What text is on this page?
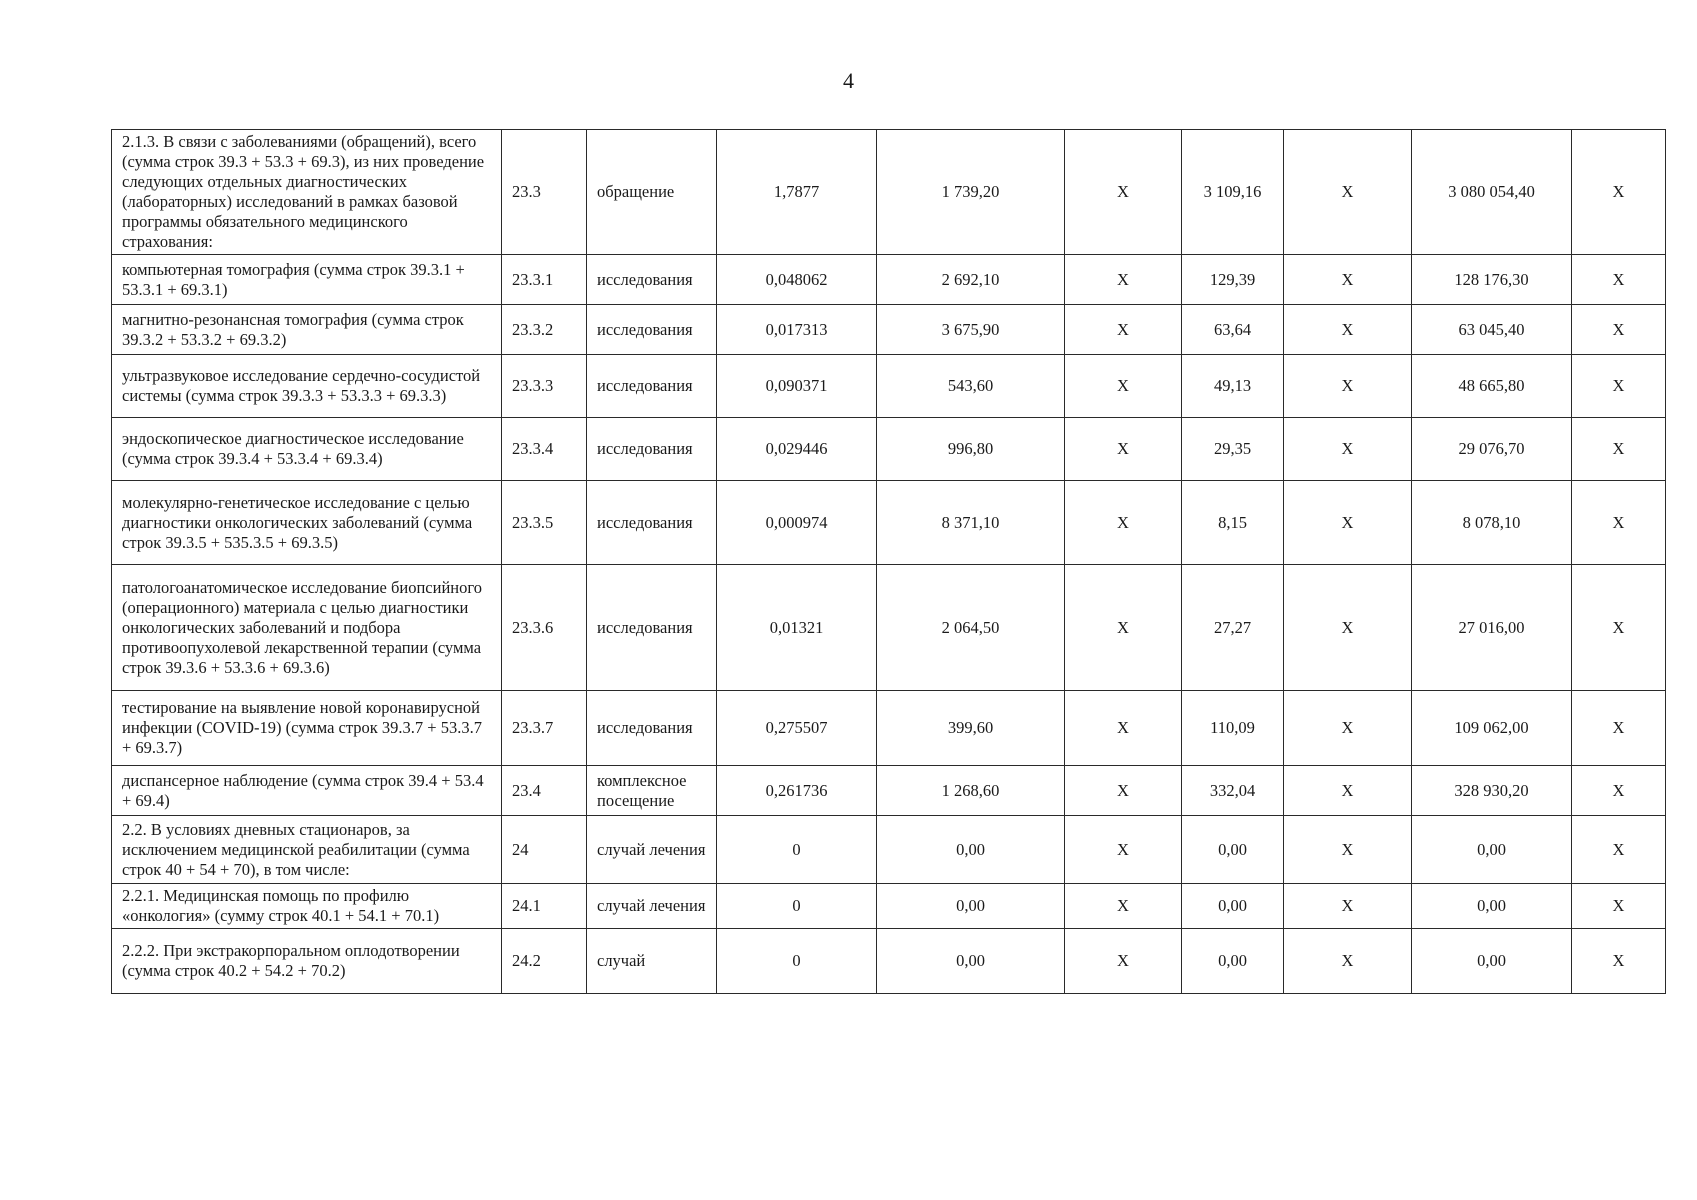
4
2.1.3. В связи с заболеваниями (обращений), всего (сумма строк 39.3 + 53.3 + 69.3), из них проведение следующих отдельных диагностических (лабораторных) исследований в рамках базовой программы обязательного медицинского страхования:	23.3	обращение	1,7877	1 739,20	X	3 109,16	X	3 080 054,40	X
компьютерная томография (сумма строк 39.3.1 + 53.3.1 + 69.3.1)	23.3.1	исследования	0,048062	2 692,10	X	129,39	X	128 176,30	X
магнитно-резонансная томография (сумма строк 39.3.2 + 53.3.2 + 69.3.2)	23.3.2	исследования	0,017313	3 675,90	X	63,64	X	63 045,40	X
ультразвуковое исследование сердечно-сосудистой системы (сумма строк 39.3.3 + 53.3.3 + 69.3.3)	23.3.3	исследования	0,090371	543,60	X	49,13	X	48 665,80	X
эндоскопическое диагностическое исследование (сумма строк 39.3.4 + 53.3.4 + 69.3.4)	23.3.4	исследования	0,029446	996,80	X	29,35	X	29 076,70	X
молекулярно-генетическое исследование с целью диагностики онкологических заболеваний (сумма строк 39.3.5 + 535.3.5 + 69.3.5)	23.3.5	исследования	0,000974	8 371,10	X	8,15	X	8 078,10	X
патологоанатомическое исследование биопсийного (операционного) материала с целью диагностики онкологических заболеваний и подбора противоопухолевой лекарственной терапии (сумма строк 39.3.6 + 53.3.6 + 69.3.6)	23.3.6	исследования	0,01321	2 064,50	X	27,27	X	27 016,00	X
тестирование на выявление новой коронавирусной инфекции (COVID-19) (сумма строк 39.3.7 + 53.3.7 + 69.3.7)	23.3.7	исследования	0,275507	399,60	X	110,09	X	109 062,00	X
диспансерное наблюдение (сумма строк 39.4 + 53.4 + 69.4)	23.4	комплексное посещение	0,261736	1 268,60	X	332,04	X	328 930,20	X
2.2. В условиях дневных стационаров, за исключением медицинской реабилитации (сумма строк 40 + 54 + 70), в том числе:	24	случай лечения	0	0,00	X	0,00	X	0,00	X
2.2.1. Медицинская помощь по профилю «онкология» (сумму строк 40.1 + 54.1 + 70.1)	24.1	случай лечения	0	0,00	X	0,00	X	0,00	X
2.2.2. При экстракорпоральном оплодотворении (сумма строк 40.2 + 54.2 + 70.2)	24.2	случай	0	0,00	X	0,00	X	0,00	X
